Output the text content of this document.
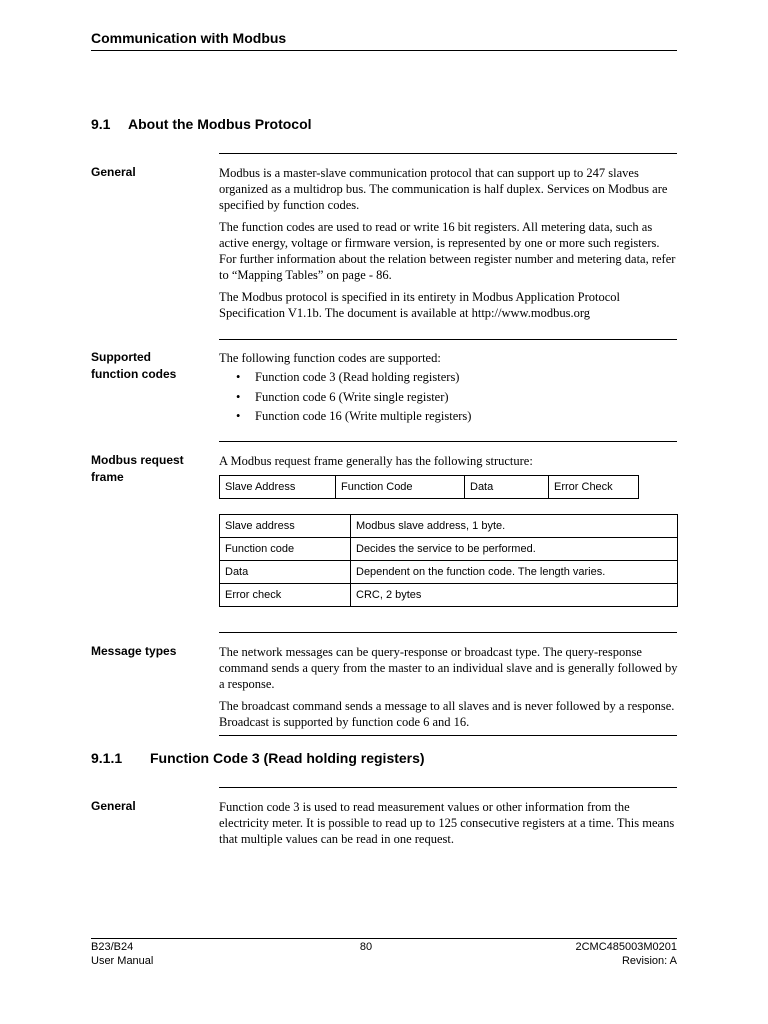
Communication with Modbus
9.1 About the Modbus Protocol
General	Modbus is a master-slave communication protocol that can support up to 247 slaves organized as a multidrop bus. The communication is half duplex. Services on Modbus are specified by function codes.

The function codes are used to read or write 16 bit registers. All metering data, such as active energy, voltage or firmware version, is represented by one or more such registers. For further information about the relation between register number and metering data, refer to “Mapping Tables” on page - 86.

The Modbus protocol is specified in its entirety in Modbus Application Protocol Specification V1.1b. The document is available at http://www.modbus.org

Supported
function codes
The following function codes are supported:
• Function code 3 (Read holding registers)
• Function code 6 (Write single register)
• Function code 16 (Write multiple registers)
Modbus request
frame
A Modbus request frame generally has the following structure:
Slave Address	Function Code	Data	Error Check
Slave address	Modbus slave address, 1 byte.
Function code	Decides the service to be performed.
Data	Dependent on the function code. The length varies.
Error check	CRC, 2 bytes
Message types	The network messages can be query-response or broadcast type. The query-response command sends a query from the master to an individual slave and is generally followed by a response.

The broadcast command sends a message to all slaves and is never followed by a response. Broadcast is supported by function code 6 and 16.

9.1.1 Function Code 3 (Read holding registers)
General	Function code 3 is used to read measurement values or other information from the electricity meter. It is possible to read up to 125 consecutive registers at a time. This means that multiple values can be read in one request.

B23/B24
User Manual
80	2CMC485003M0201
Revision: A
